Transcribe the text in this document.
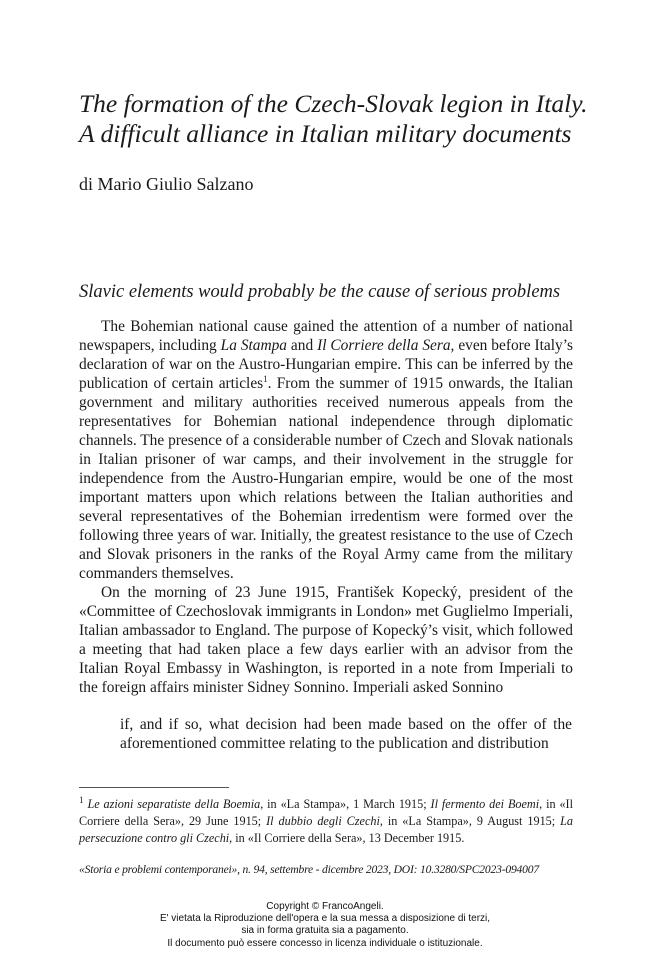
The formation of the Czech-Slovak legion in Italy.
A difficult alliance in Italian military documents

di Mario Giulio Salzano

Slavic elements would probably be the cause of serious problems

The Bohemian national cause gained the attention of a number of national newspapers, including La Stampa and Il Corriere della Sera, even before Italy’s declaration of war on the Austro-Hungarian empire. This can be inferred by the publication of certain articles$^1$. From the summer of 1915 onwards, the Italian government and military authorities received numerous appeals from the representatives for Bohemian national independence through diplomatic channels. The presence of a considerable number of Czech and Slovak nationals in Italian prisoner of war camps, and their involvement in the struggle for independence from the Austro-Hungarian empire, would be one of the most important matters upon which relations between the Italian authorities and several representatives of the Bohemian irredentism were formed over the following three years of war. Initially, the greatest resistance to the use of Czech and Slovak prisoners in the ranks of the Royal Army came from the military commanders themselves.

On the morning of 23 June 1915, František Kopecký, president of the «Committee of Czechoslovak immigrants in London» met Guglielmo Imperiali, Italian ambassador to England. The purpose of Kopecký’s visit, which followed a meeting that had taken place a few days earlier with an advisor from the Italian Royal Embassy in Washington, is reported in a note from Imperiali to the foreign affairs minister Sidney Sonnino. Imperiali asked Sonnino

if, and if so, what decision had been made based on the offer of the aforementioned committee relating to the publication and distribution

$^1$ Le azioni separatiste della Boemia, in «La Stampa», 1 March 1915; Il fermento dei Boemi, in «Il Corriere della Sera», 29 June 1915; Il dubbio degli Czechi, in «La Stampa», 9 August 1915; La persecuzione contro gli Czechi, in «Il Corriere della Sera», 13 December 1915.

«Storia e problemi contemporanei», n. 94, settembre - dicembre 2023, DOI: 10.3280/SPC2023-094007

Copyright © FrancoAngeli.
E' vietata la Riproduzione dell'opera e la sua messa a disposizione di terzi,
sia in forma gratuita sia a pagamento.
Il documento può essere concesso in licenza individuale o istituzionale.
